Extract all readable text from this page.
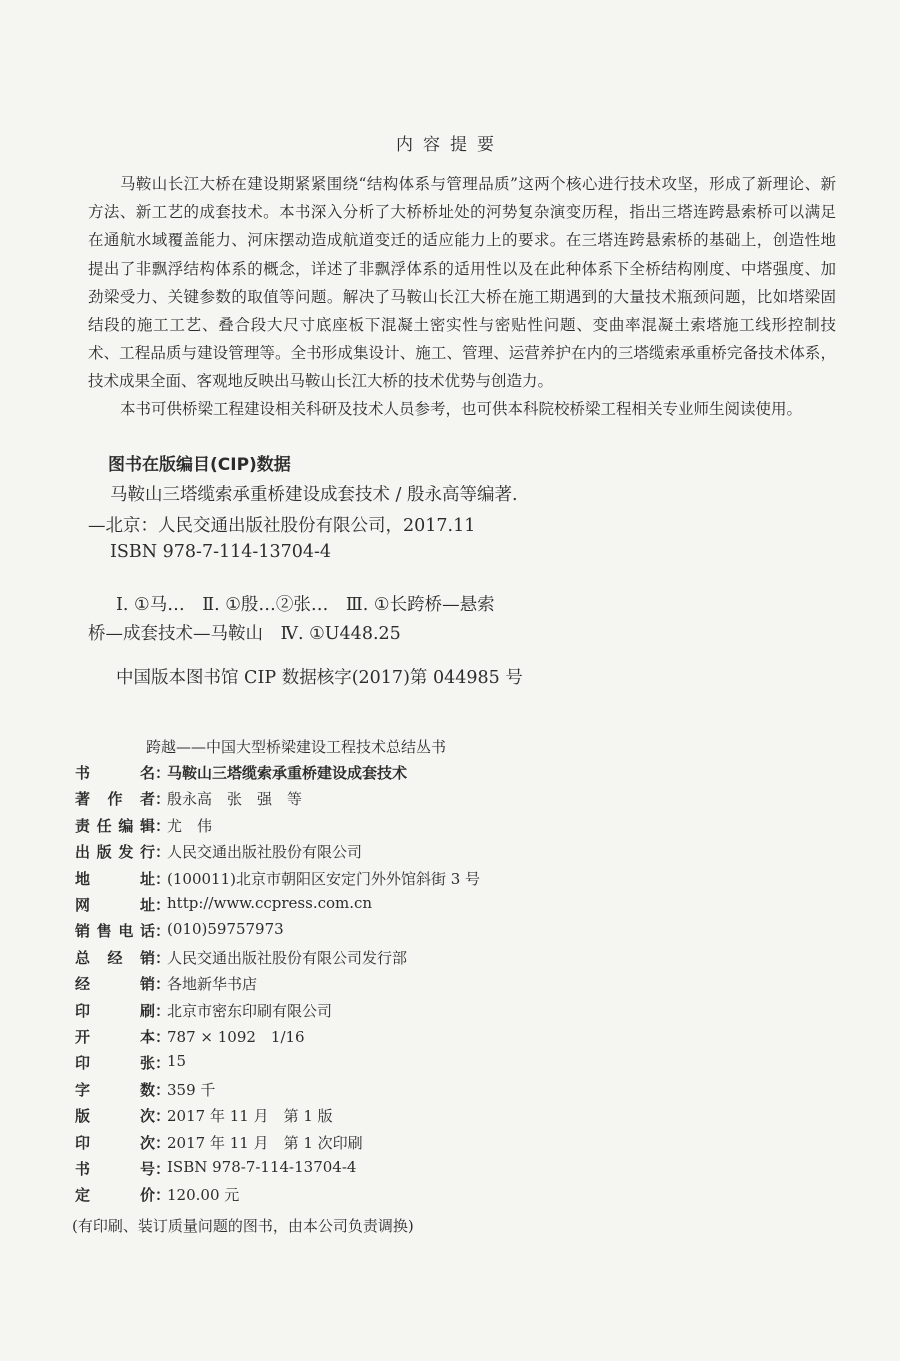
内容提要
马鞍山长江大桥在建设期紧紧围绕“结构体系与管理品质”这两个核心进行技术攻坚，形成了新理论、新
方法、新工艺的成套技术。本书深入分析了大桥桥址处的河势复杂演变历程，指出三塔连跨悬索桥可以满足
在通航水域覆盖能力、河床摆动造成航道变迁的适应能力上的要求。在三塔连跨悬索桥的基础上，创造性地
提出了非飘浮结构体系的概念，详述了非飘浮体系的适用性以及在此种体系下全桥结构刚度、中塔强度、加
劲梁受力、关键参数的取值等问题。解决了马鞍山长江大桥在施工期遇到的大量技术瓶颈问题，比如塔梁固
结段的施工工艺、叠合段大尺寸底座板下混凝土密实性与密贴性问题、变曲率混凝土索塔施工线形控制技
术、工程品质与建设管理等。全书形成集设计、施工、管理、运营养护在内的三塔缆索承重桥完备技术体系，
技术成果全面、客观地反映出马鞍山长江大桥的技术优势与创造力。
本书可供桥梁工程建设相关科研及技术人员参考，也可供本科院校桥梁工程相关专业师生阅读使用。
图书在版编目(CIP)数据
马鞍山三塔缆索承重桥建设成套技术 / 殷永高等编著.
—北京：人民交通出版社股份有限公司，2017.11
ISBN 978-7-114-13704-4
Ⅰ. ①马…　Ⅱ. ①殷…②张…　Ⅲ. ①长跨桥—悬索
桥—成套技术—马鞍山　Ⅳ. ①U448.25
中国版本图书馆 CIP 数据核字(2017)第 044985 号
跨越——中国大型桥梁建设工程技术总结丛书
书	名 ：
马鞍山三塔缆索承重桥建设成套技术
著 作 者 ：
殷永高　张　强　等
责 任 编 辑 ：
尤　伟
出 版 发 行 ：
人民交通出版社股份有限公司
地	址 ：
(100011)北京市朝阳区安定门外外馆斜街 3 号
网	址 ：
http://www.ccpress.com.cn
销 售 电 话 ：
(010)59757973
总 经 销 ：
人民交通出版社股份有限公司发行部
经	销 ：
各地新华书店
印	刷 ：
北京市密东印刷有限公司
开	本 ：
787 × 1092　1/16
印	张 ：
15
字	数 ：
359 千
版	次 ：
2017 年 11 月　第 1 版
印	次 ：
2017 年 11 月　第 1 次印刷
书	号 ：
ISBN 978-7-114-13704-4
定	价 ：
120.00 元
(有印刷、装订质量问题的图书，由本公司负责调换)
